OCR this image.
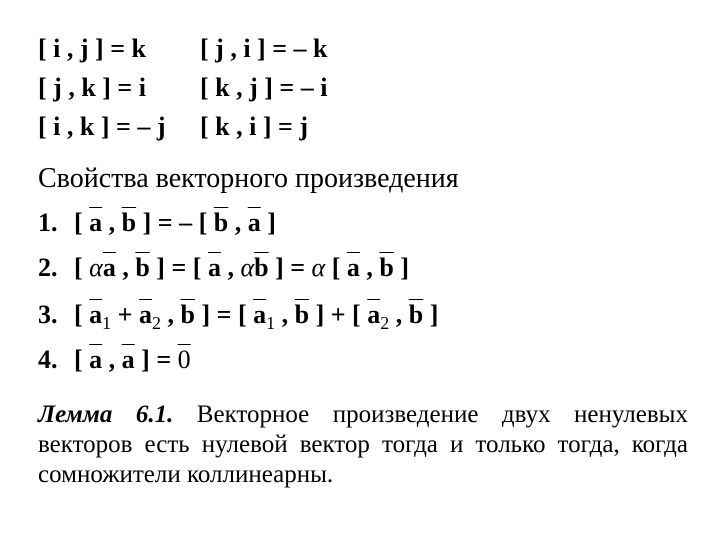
[ i , j ] = k
[ j , k ] = i
[ i , k ] = – j
[ j , i ] = – k
[ k , j ] = – i
[ k , i ] = j
Свойства векторного произведения
1. [ $\overline{a}$ , $\overline{b}$ ] = – [ $\overline{b}$ , $\overline{a}$ ]
2. [ $\alpha\overline{a}$ , $\overline{b}$ ] = [ $\overline{a}$ , $\alpha\overline{b}$ ] = α [ $\overline{a}$ , $\overline{b}$ ]
3. [ $\overline{a}_1 + \overline{a}_2$ , $\overline{b}$ ] = [ $\overline{a}_1$ , $\overline{b}$ ] + [ $\overline{a}_2$ , $\overline{b}$ ]
4. [ $\overline{a}$ , $\overline{a}$ ] = 0
Лемма 6.1. Векторное произведение двух ненулевых векторов есть нулевой вектор тогда и только тогда, когда сомножители коллинеарны.
